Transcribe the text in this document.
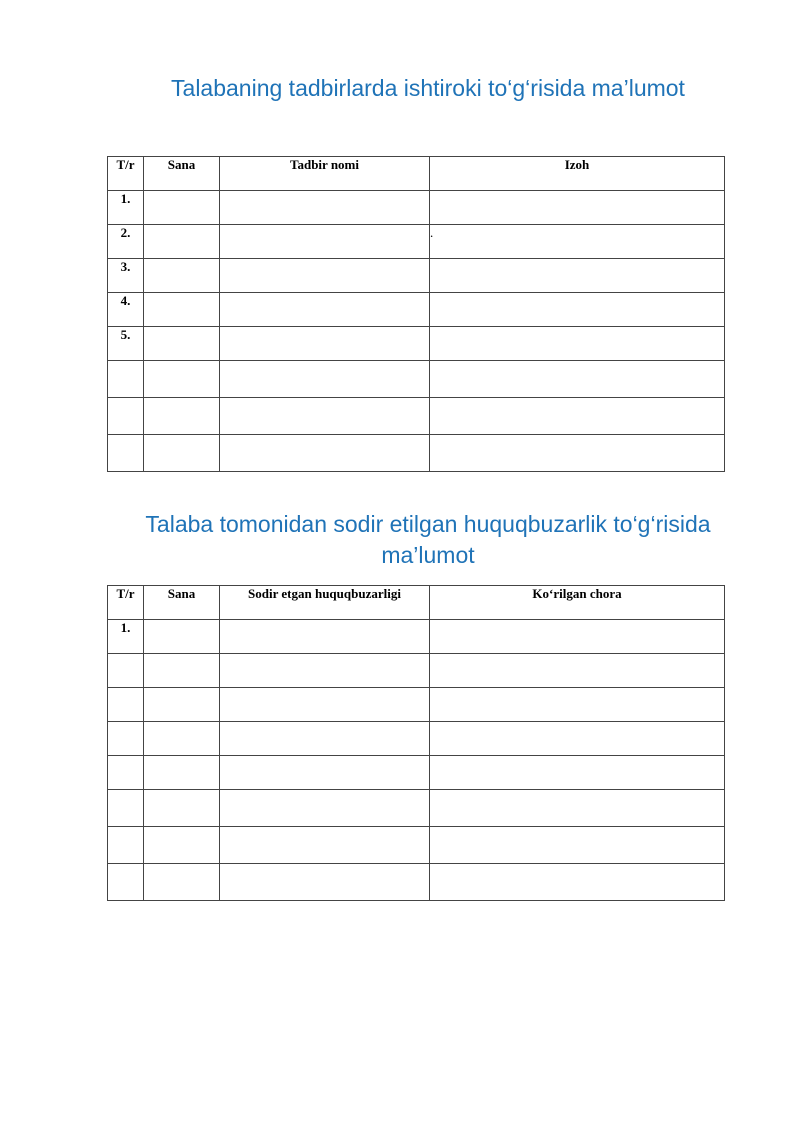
Talabaning tadbirlarda ishtiroki to‘g‘risida ma’lumot
T/r	Sana	Tadbir nomi	Izoh
1.			
2.			.
3.			
4.			
5.			

Talaba tomonidan sodir etilgan huquqbuzarlik to‘g‘risida ma’lumot
T/r	Sana	Sodir etgan huquqbuzarligi	Ko‘rilgan chora
1.			
